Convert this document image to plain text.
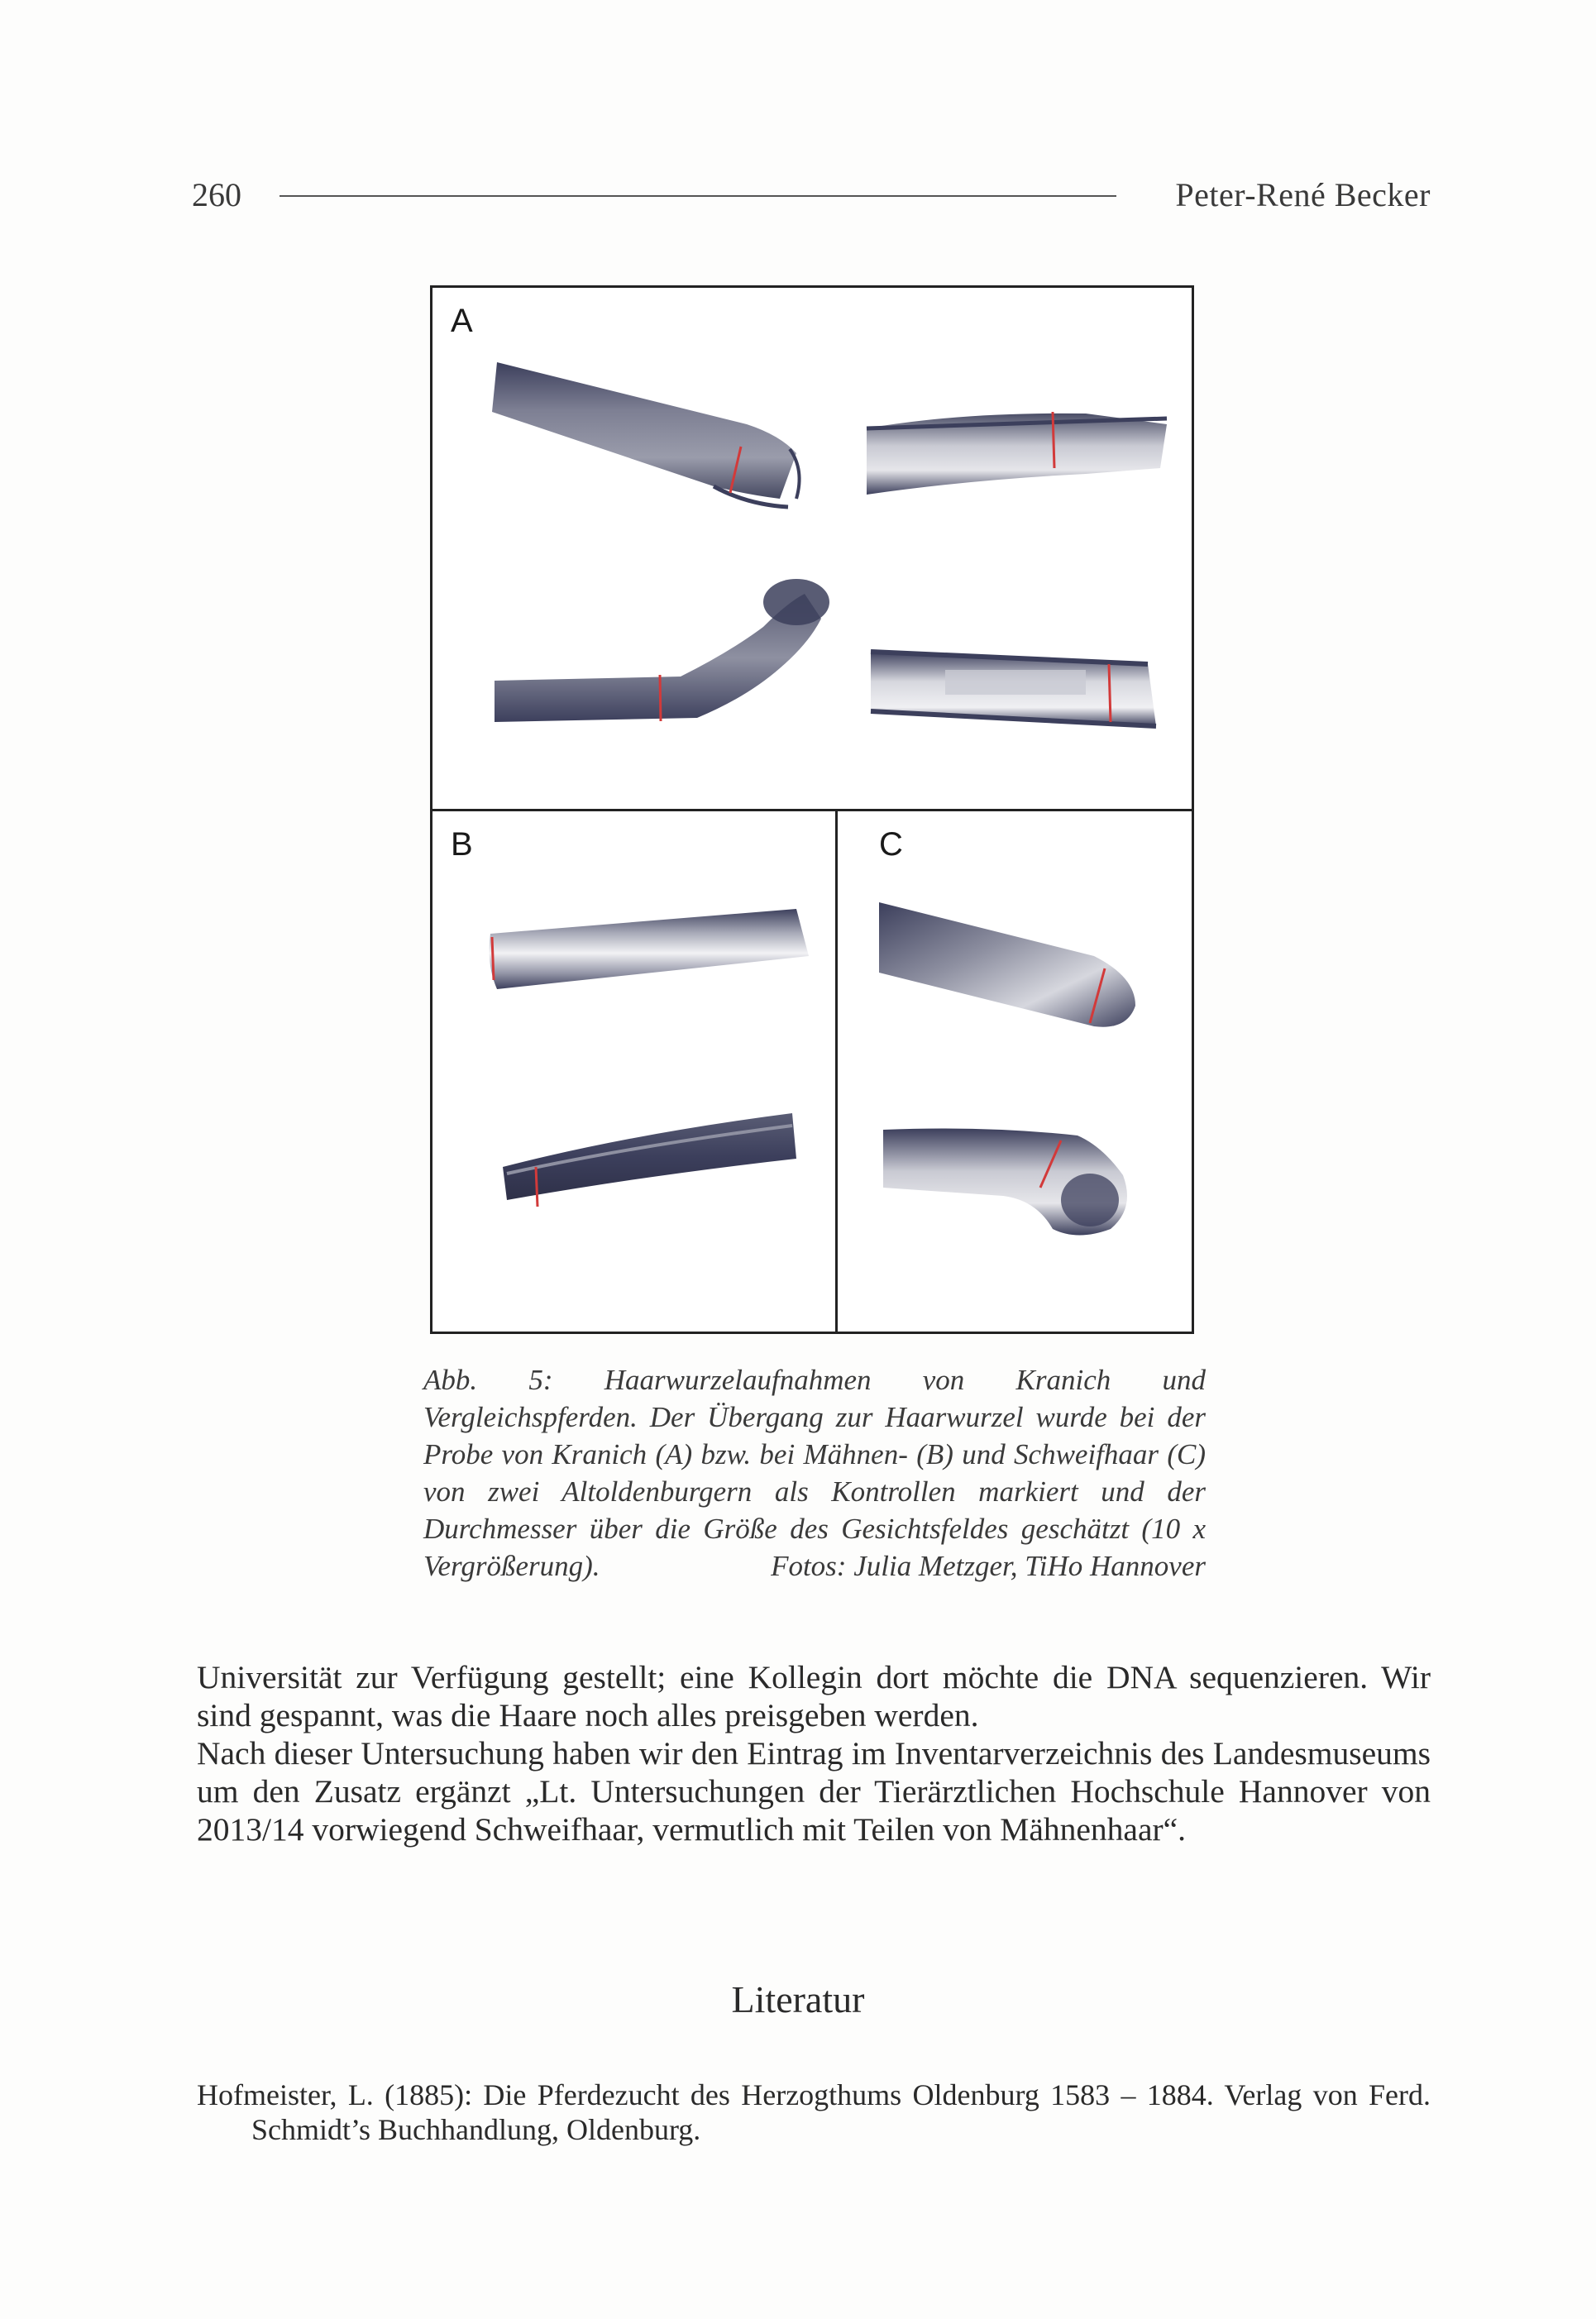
260	Peter-René Becker
A
B	C
Abb. 5: Haarwurzelaufnahmen von Kranich und Vergleichspferden. Der Übergang zur Haarwurzel wurde bei der Probe von Kranich (A) bzw. bei Mähnen- (B) und Schweifhaar (C) von zwei Altoldenburgern als Kontrollen markiert und der Durchmesser über die Größe des Gesichtsfeldes geschätzt (10 x Vergrößerung).	Fotos: Julia Metzger, TiHo Hannover

Universität zur Verfügung gestellt; eine Kollegin dort möchte die DNA sequenzieren. Wir sind gespannt, was die Haare noch alles preisgeben werden.

Nach dieser Untersuchung haben wir den Eintrag im Inventarverzeichnis des Landesmuseums um den Zusatz ergänzt „Lt. Untersuchungen der Tierärztlichen Hochschule Hannover von 2013/14 vorwiegend Schweifhaar, vermutlich mit Teilen von Mähnenhaar“.

Literatur

Hofmeister, L. (1885): Die Pferdezucht des Herzogthums Oldenburg 1583 – 1884. Verlag von Ferd. Schmidt’s Buchhandlung, Oldenburg.
